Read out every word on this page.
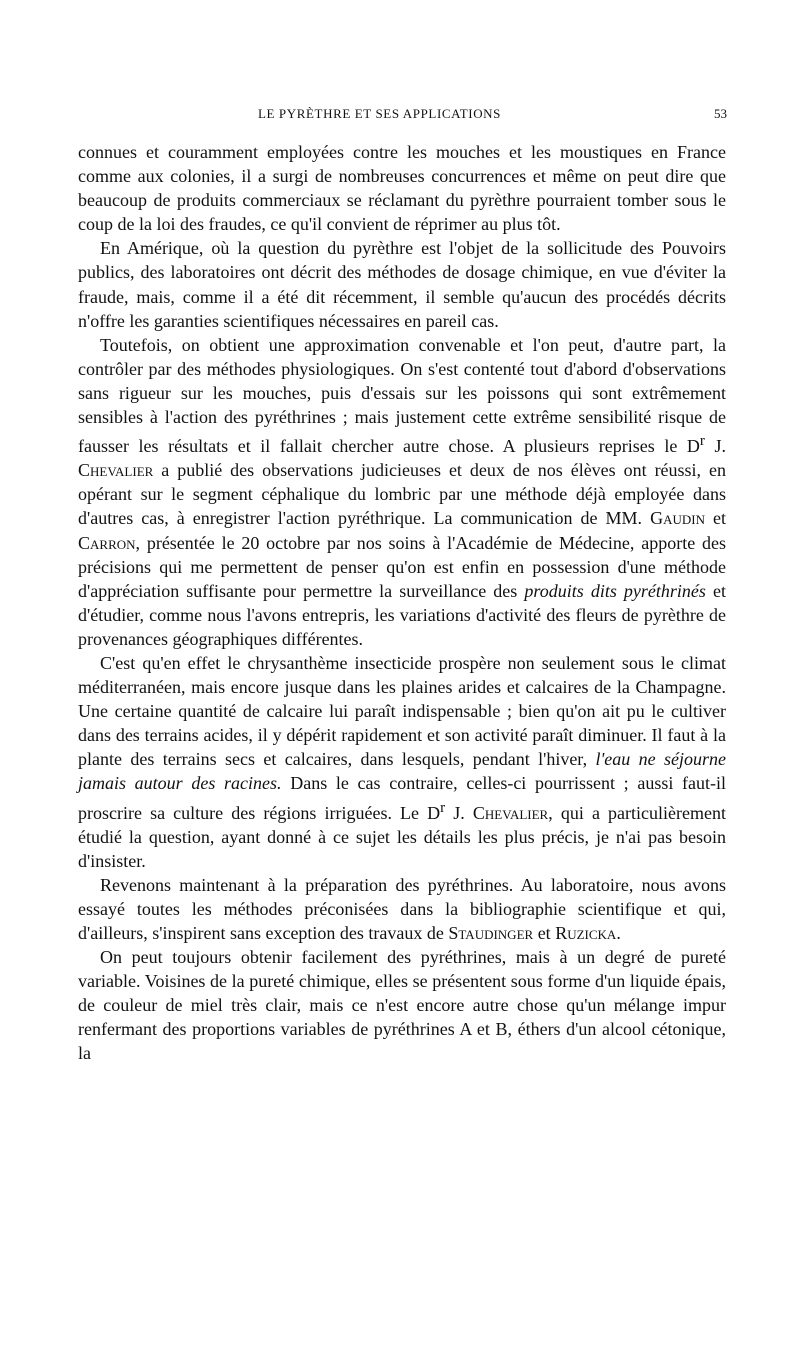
LE PYRÈTHRE ET SES APPLICATIONS	53

connues et couramment employées contre les mouches et les moustiques en France comme aux colonies, il a surgi de nombreuses concurrences et même on peut dire que beaucoup de produits commerciaux se réclamant du pyrèthre pourraient tomber sous le coup de la loi des fraudes, ce qu'il convient de réprimer au plus tôt.

En Amérique, où la question du pyrèthre est l'objet de la sollicitude des Pouvoirs publics, des laboratoires ont décrit des méthodes de dosage chimique, en vue d'éviter la fraude, mais, comme il a été dit récemment, il semble qu'aucun des procédés décrits n'offre les garanties scientifiques nécessaires en pareil cas.

Toutefois, on obtient une approximation convenable et l'on peut, d'autre part, la contrôler par des méthodes physiologiques. On s'est contenté tout d'abord d'observations sans rigueur sur les mouches, puis d'essais sur les poissons qui sont extrêmement sensibles à l'action des pyréthrines ; mais justement cette extrême sensibilité risque de fausser les résultats et il fallait chercher autre chose. A plusieurs reprises le $D^r$ J. Chevalier a publié des observations judicieuses et deux de nos élèves ont réussi, en opérant sur le segment céphalique du lombric par une méthode déjà employée dans d'autres cas, à enregistrer l'action pyréthrique. La communication de MM. Gaudin et Carron, présentée le 20 octobre par nos soins à l'Académie de Médecine, apporte des précisions qui me permettent de penser qu'on est enfin en possession d'une méthode d'appréciation suffisante pour permettre la surveillance des produits dits pyréthrinés et d'étudier, comme nous l'avons entrepris, les variations d'activité des fleurs de pyrèthre de provenances géographiques différentes.

C'est qu'en effet le chrysanthème insecticide prospère non seulement sous le climat méditerranéen, mais encore jusque dans les plaines arides et calcaires de la Champagne. Une certaine quantité de calcaire lui paraît indispensable ; bien qu'on ait pu le cultiver dans des terrains acides, il y dépérit rapidement et son activité paraît diminuer. Il faut à la plante des terrains secs et calcaires, dans lesquels, pendant l'hiver, l'eau ne séjourne jamais autour des racines. Dans le cas contraire, celles-ci pourrissent ; aussi faut-il proscrire sa culture des régions irriguées. Le $D^r$ J. Chevalier, qui a particulièrement étudié la question, ayant donné à ce sujet les détails les plus précis, je n'ai pas besoin d'insister.

Revenons maintenant à la préparation des pyréthrines. Au laboratoire, nous avons essayé toutes les méthodes préconisées dans la bibliographie scientifique et qui, d'ailleurs, s'inspirent sans exception des travaux de Staudinger et Ruzicka.

On peut toujours obtenir facilement des pyréthrines, mais à un degré de pureté variable. Voisines de la pureté chimique, elles se présentent sous forme d'un liquide épais, de couleur de miel très clair, mais ce n'est encore autre chose qu'un mélange impur renfermant des proportions variables de pyréthrines A et B, éthers d'un alcool cétonique, la
